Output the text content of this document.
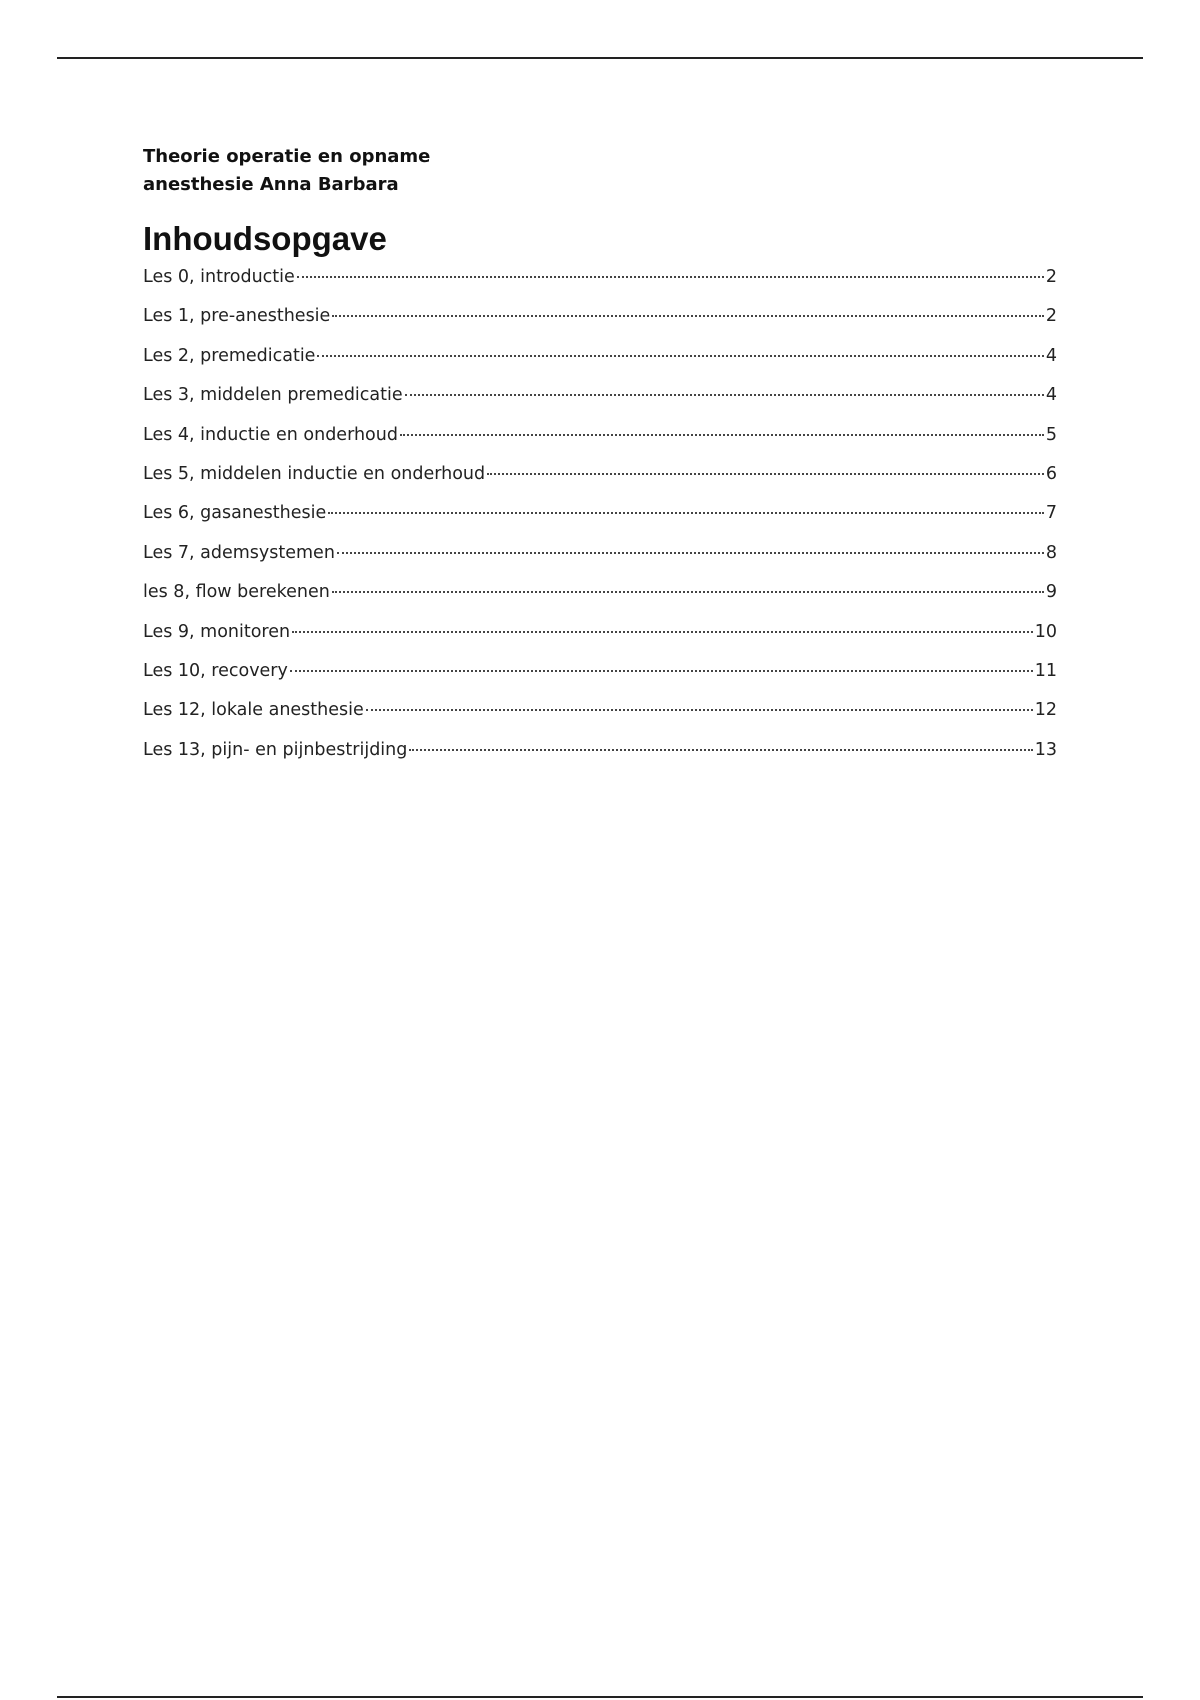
Theorie operatie en opname

anesthesie Anna Barbara

Inhoudsopgave
Les 0, introductie	2
Les 1, pre-anesthesie	2
Les 2, premedicatie	4
Les 3, middelen premedicatie	4
Les 4, inductie en onderhoud	5
Les 5, middelen inductie en onderhoud	6
Les 6, gasanesthesie	7
Les 7, ademsystemen	8
les 8, flow berekenen	9
Les 9, monitoren	10
Les 10, recovery	11
Les 12, lokale anesthesie	12
Les 13, pijn- en pijnbestrijding	13
